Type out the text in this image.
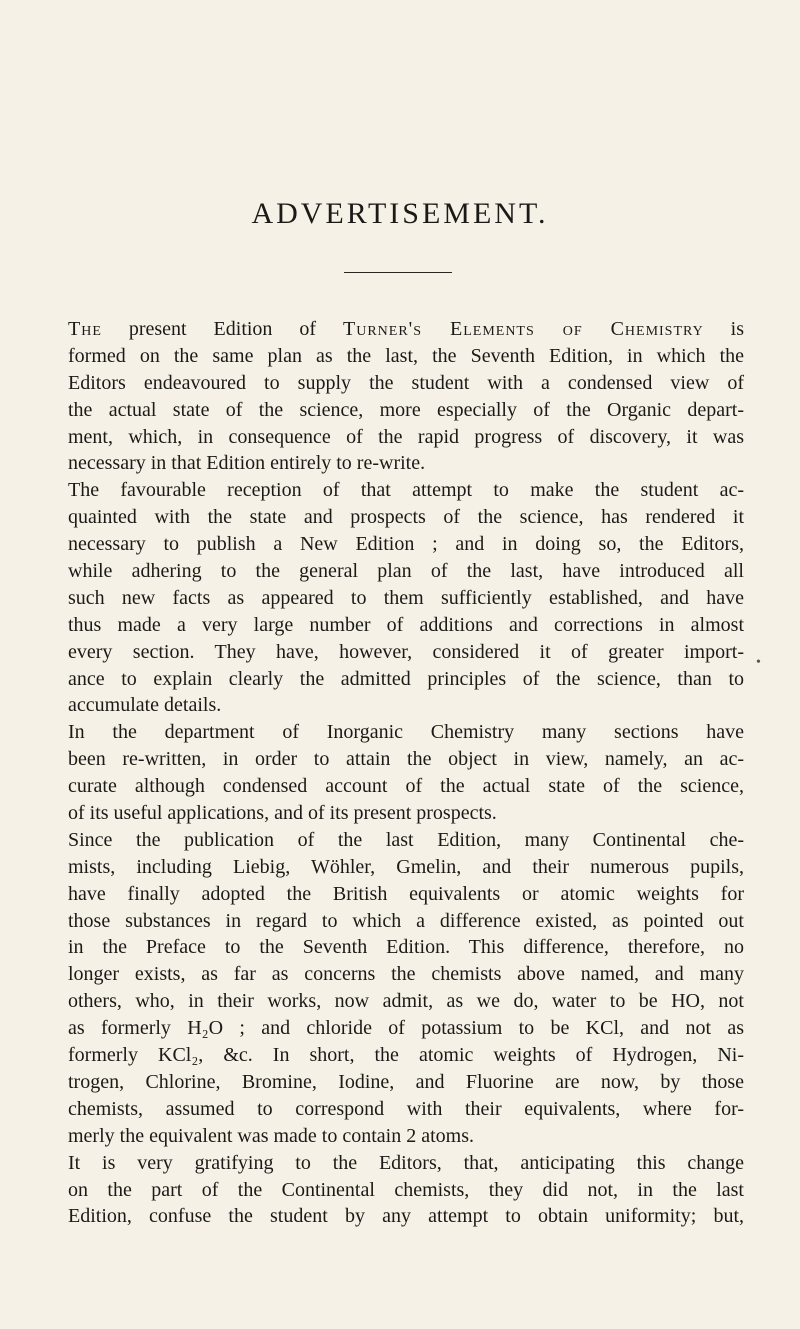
ADVERTISEMENT.

The present Edition of Turner's Elements of Chemistry is
formed on the same plan as the last, the Seventh Edition, in which the
Editors endeavoured to supply the student with a condensed view of
the actual state of the science, more especially of the Organic depart-
ment, which, in consequence of the rapid progress of discovery, it was
necessary in that Edition entirely to re-write.

The favourable reception of that attempt to make the student ac-
quainted with the state and prospects of the science, has rendered it
necessary to publish a New Edition ; and in doing so, the Editors,
while adhering to the general plan of the last, have introduced all
such new facts as appeared to them sufficiently established, and have
thus made a very large number of additions and corrections in almost
every section. They have, however, considered it of greater import-
ance to explain clearly the admitted principles of the science, than to
accumulate details.

In the department of Inorganic Chemistry many sections have
been re-written, in order to attain the object in view, namely, an ac-
curate although condensed account of the actual state of the science,
of its useful applications, and of its present prospects.

Since the publication of the last Edition, many Continental che-
mists, including Liebig, Wöhler, Gmelin, and their numerous pupils,
have finally adopted the British equivalents or atomic weights for
those substances in regard to which a difference existed, as pointed out
in the Preface to the Seventh Edition. This difference, therefore, no
longer exists, as far as concerns the chemists above named, and many
others, who, in their works, now admit, as we do, water to be HO, not
as formerly H₂O ; and chloride of potassium to be KCl, and not as
formerly KCl₂, &c. In short, the atomic weights of Hydrogen, Ni-
trogen, Chlorine, Bromine, Iodine, and Fluorine are now, by those
chemists, assumed to correspond with their equivalents, where for-
merly the equivalent was made to contain 2 atoms.

It is very gratifying to the Editors, that, anticipating this change
on the part of the Continental chemists, they did not, in the last
Edition, confuse the student by any attempt to obtain uniformity; but,

•
